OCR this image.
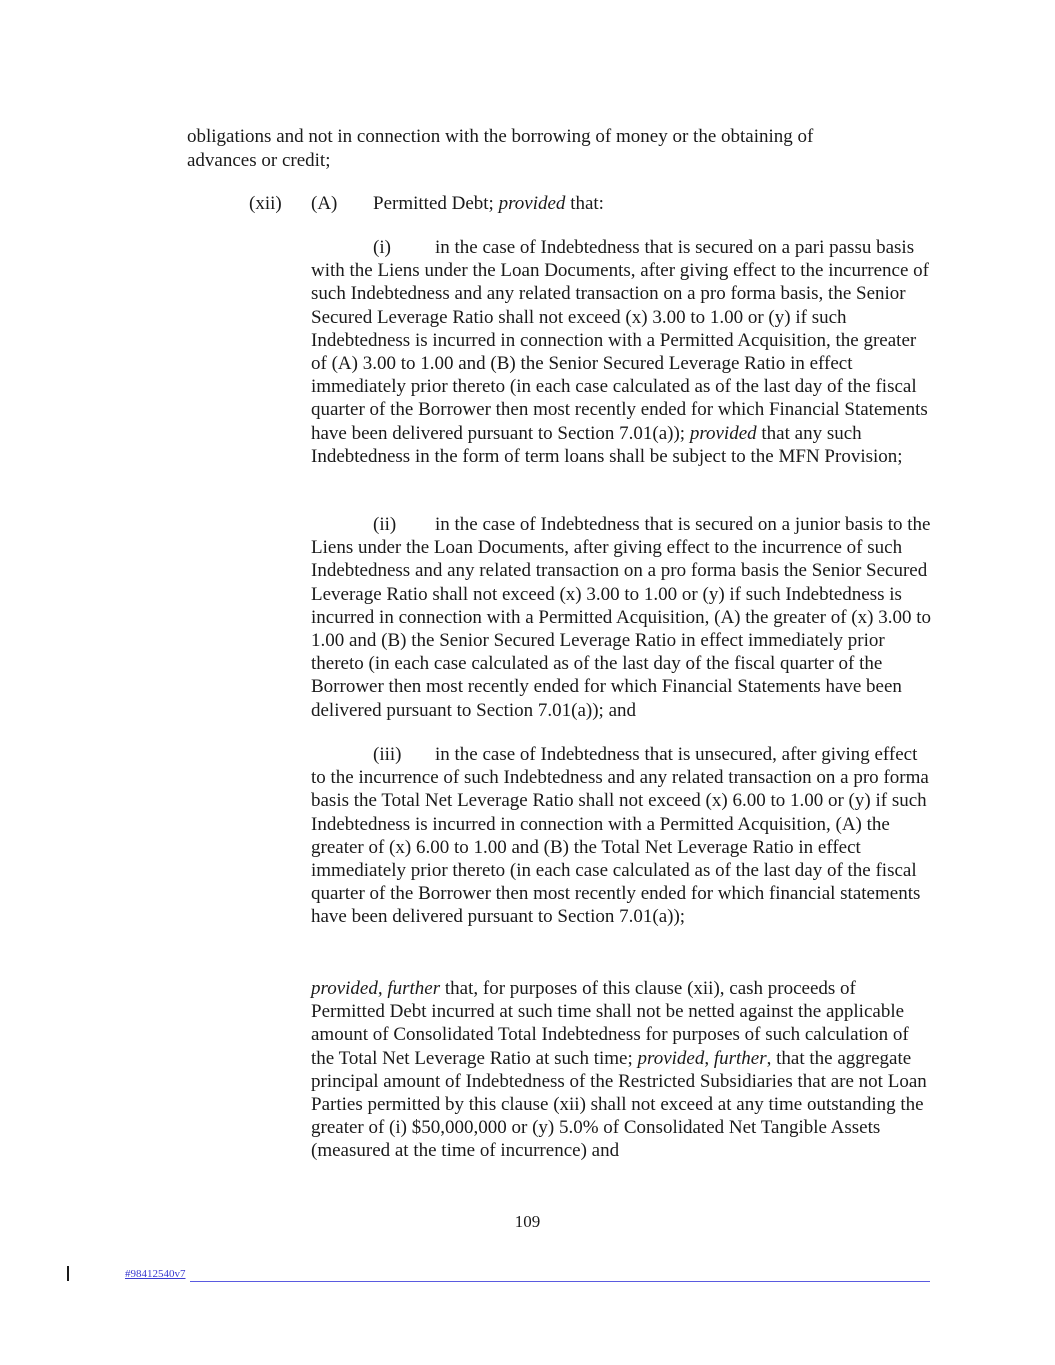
obligations and not in connection with the borrowing of money or the obtaining of advances or credit;
(xii) (A) Permitted Debt; provided that:
(i) in the case of Indebtedness that is secured on a pari passu basis with the Liens under the Loan Documents, after giving effect to the incurrence of such Indebtedness and any related transaction on a pro forma basis, the Senior Secured Leverage Ratio shall not exceed (x) 3.00 to 1.00 or (y) if such Indebtedness is incurred in connection with a Permitted Acquisition, the greater of (A) 3.00 to 1.00 and (B) the Senior Secured Leverage Ratio in effect immediately prior thereto (in each case calculated as of the last day of the fiscal quarter of the Borrower then most recently ended for which Financial Statements have been delivered pursuant to Section 7.01(a)); provided that any such Indebtedness in the form of term loans shall be subject to the MFN Provision;
(ii) in the case of Indebtedness that is secured on a junior basis to the Liens under the Loan Documents, after giving effect to the incurrence of such Indebtedness and any related transaction on a pro forma basis the Senior Secured Leverage Ratio shall not exceed (x) 3.00 to 1.00 or (y) if such Indebtedness is incurred in connection with a Permitted Acquisition, (A) the greater of (x) 3.00 to 1.00 and (B) the Senior Secured Leverage Ratio in effect immediately prior thereto (in each case calculated as of the last day of the fiscal quarter of the Borrower then most recently ended for which Financial Statements have been delivered pursuant to Section 7.01(a)); and
(iii) in the case of Indebtedness that is unsecured, after giving effect to the incurrence of such Indebtedness and any related transaction on a pro forma basis the Total Net Leverage Ratio shall not exceed (x) 6.00 to 1.00 or (y) if such Indebtedness is incurred in connection with a Permitted Acquisition, (A) the greater of (x) 6.00 to 1.00 and (B) the Total Net Leverage Ratio in effect immediately prior thereto (in each case calculated as of the last day of the fiscal quarter of the Borrower then most recently ended for which financial statements have been delivered pursuant to Section 7.01(a));
provided, further that, for purposes of this clause (xii), cash proceeds of Permitted Debt incurred at such time shall not be netted against the applicable amount of Consolidated Total Indebtedness for purposes of such calculation of the Total Net Leverage Ratio at such time; provided, further, that the aggregate principal amount of Indebtedness of the Restricted Subsidiaries that are not Loan Parties permitted by this clause (xii) shall not exceed at any time outstanding the greater of (i) $50,000,000 or (y) 5.0% of Consolidated Net Tangible Assets (measured at the time of incurrence) and
109
#98412540v7
